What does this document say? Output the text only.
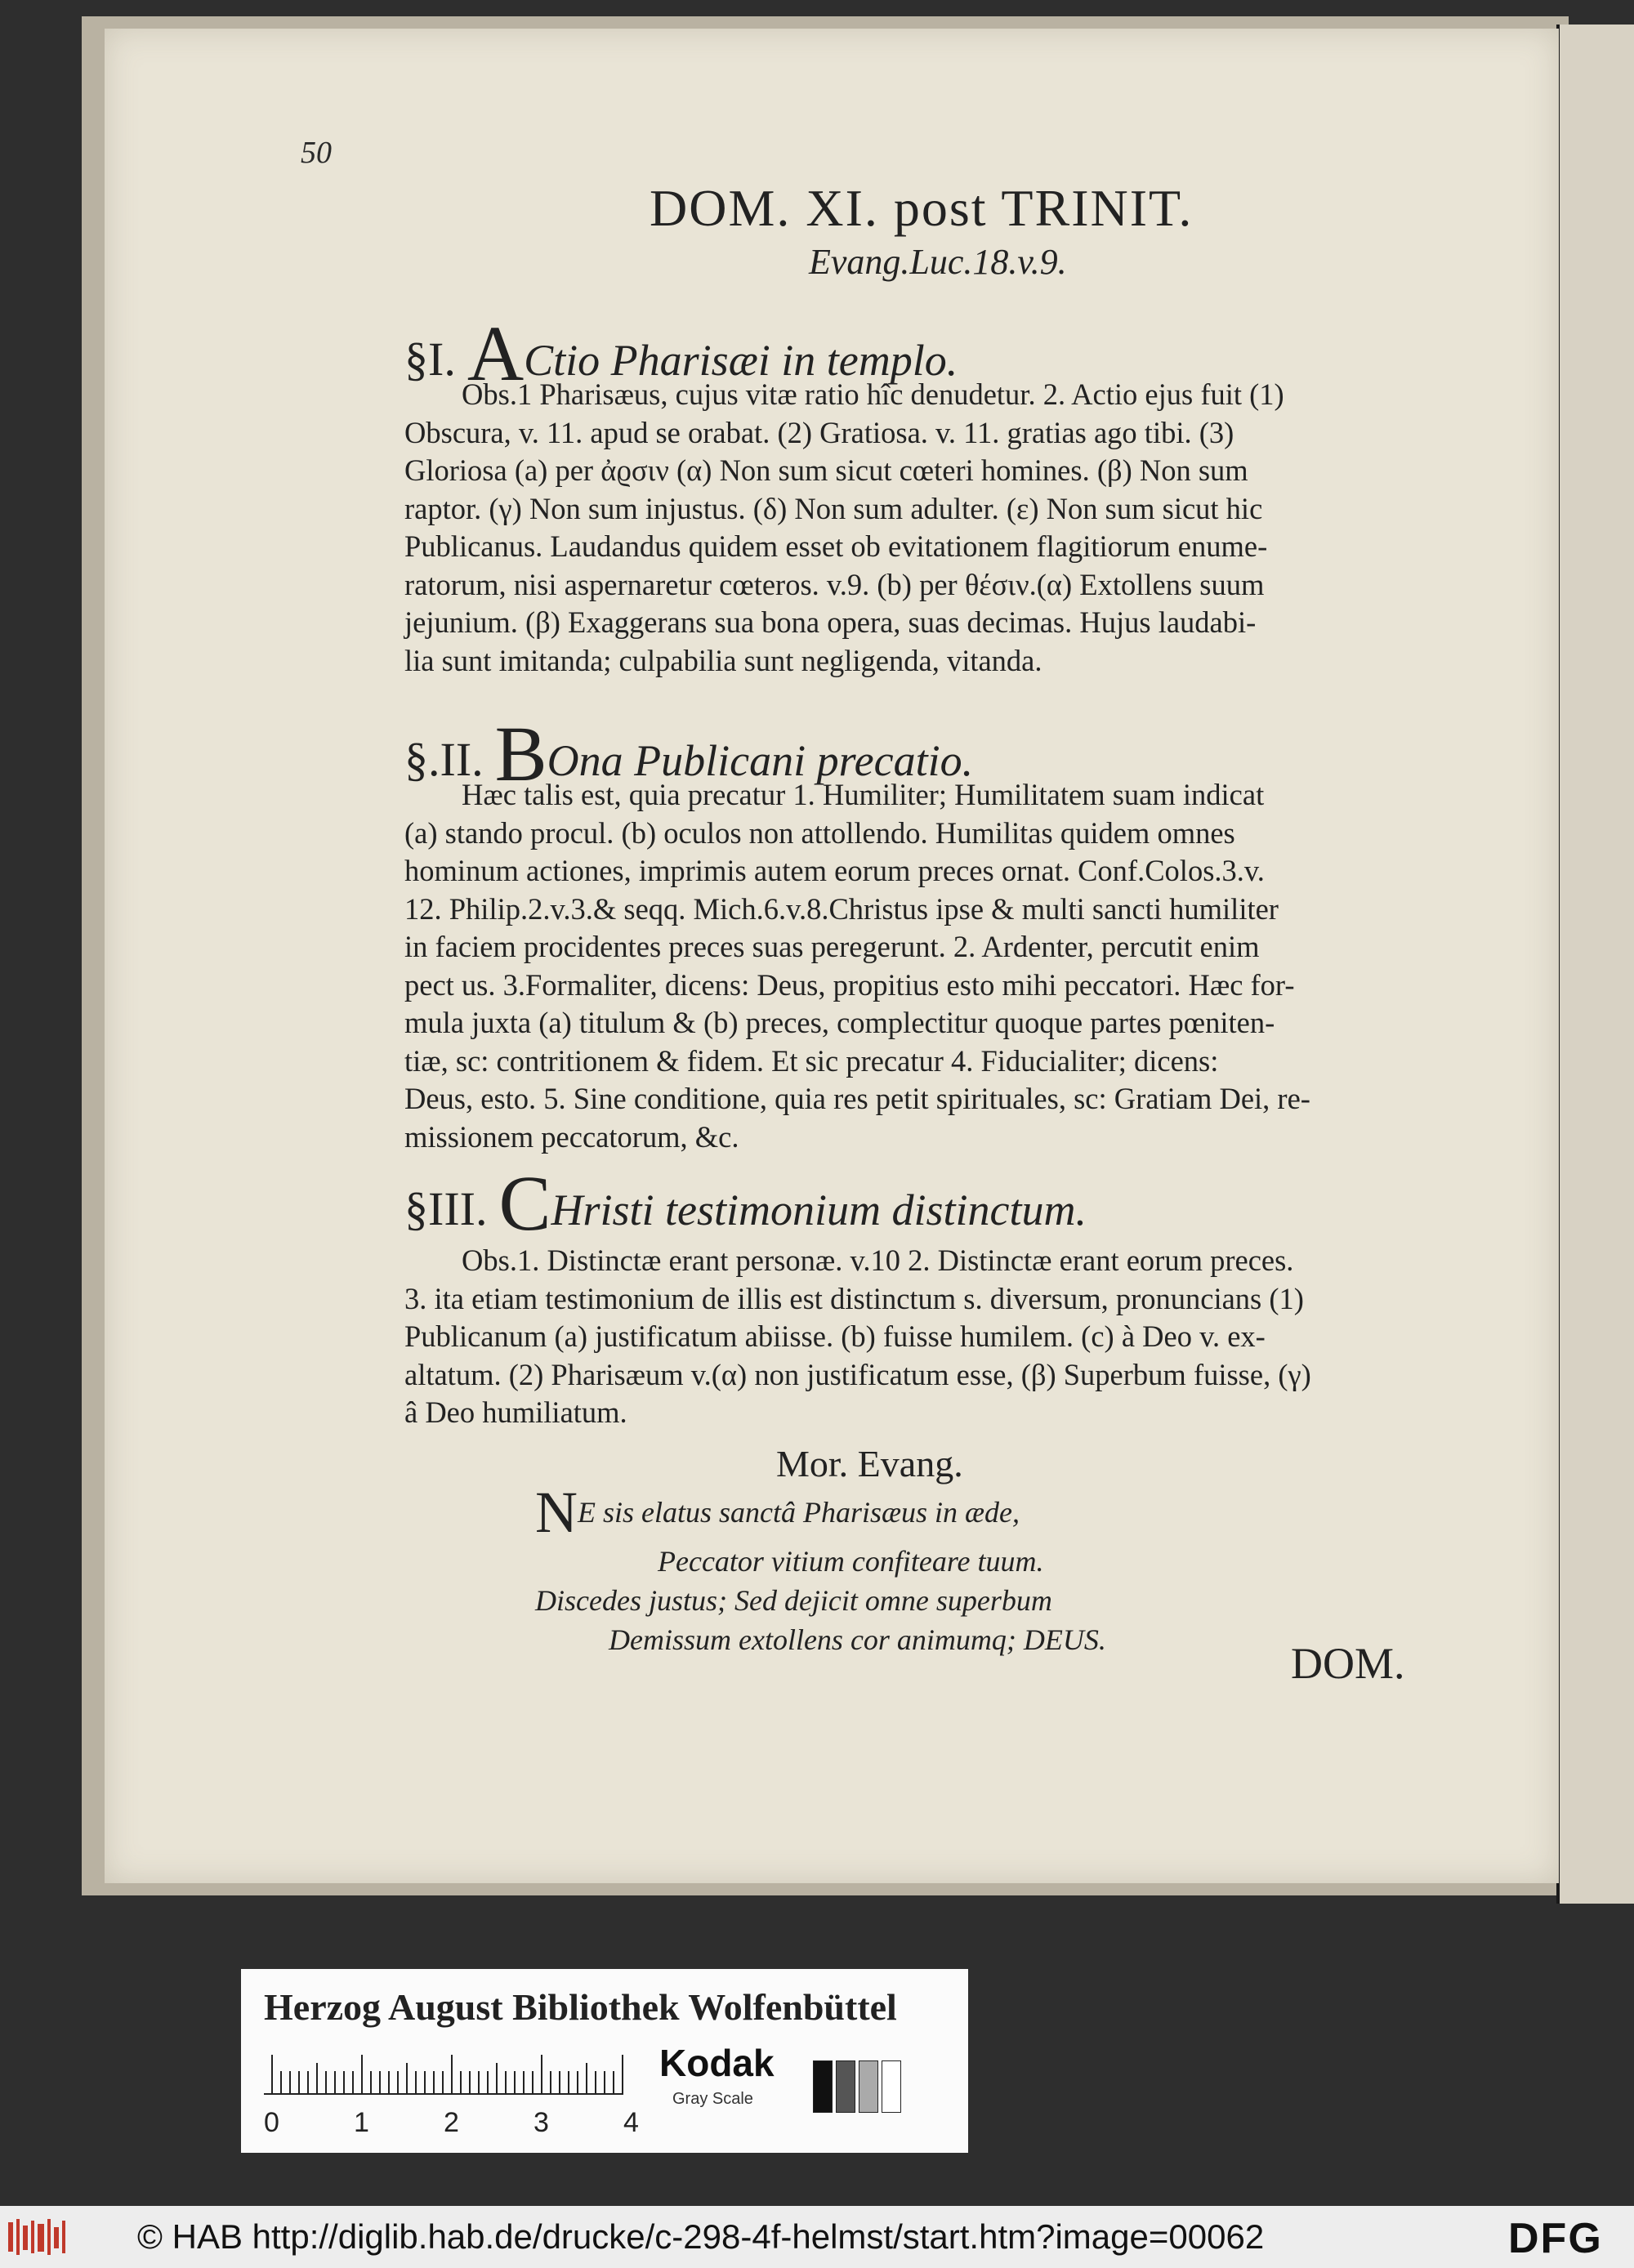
50
DOM. XI. post TRINIT.
Evang.Luc.18.v.9.
§I. ACtio Pharisæi in templo.

Obs.1 Pharisæus, cujus vitæ ratio hîc denudetur. 2. Actio ejus fuit (1)

Obscura, v. 11. apud se orabat. (2) Gratiosa. v. 11. gratias ago tibi. (3)

Gloriosa (a) per ἀϱσιν (α) Non sum sicut cœteri homines. (β) Non sum

raptor. (γ) Non sum injustus. (δ) Non sum adulter. (ε) Non sum sicut hic

Publicanus. Laudandus quidem esset ob evitationem flagitiorum enume-

ratorum, nisi aspernaretur cœteros. v.9. (b) per θέσιν.(α) Extollens suum

jejunium. (β) Exaggerans sua bona opera, suas decimas. Hujus laudabi-

lia sunt imitanda; culpabilia sunt negligenda, vitanda.

§.II. BOna Publicani precatio.

Hæc talis est, quia precatur 1. Humiliter; Humilitatem suam indicat

(a) stando procul. (b) oculos non attollendo. Humilitas quidem omnes

hominum actiones, imprimis autem eorum preces ornat. Conf.Colos.3.v.

12. Philip.2.v.3.& seqq. Mich.6.v.8.Christus ipse & multi sancti humiliter

in faciem procidentes preces suas peregerunt. 2. Ardenter, percutit enim

pect us. 3.Formaliter, dicens: Deus, propitius esto mihi peccatori. Hæc for-

mula juxta (a) titulum & (b) preces, complectitur quoque partes pœniten-

tiæ, sc: contritionem & fidem. Et sic precatur 4. Fiducialiter; dicens:

Deus, esto. 5. Sine conditione, quia res petit spirituales, sc: Gratiam Dei, re-

missionem peccatorum, &c.

§III. CHristi testimonium distinctum.

Obs.1. Distinctæ erant personæ. v.10 2. Distinctæ erant eorum preces.

3. ita etiam testimonium de illis est distinctum s. diversum, pronuncians (1)

Publicanum (a) justificatum abiisse. (b) fuisse humilem. (c) à Deo v. ex-

altatum. (2) Pharisæum v.(α) non justificatum esse, (β) Superbum fuisse, (γ)

â Deo humiliatum.

Mor. Evang.
NE sis elatus sanctâ Pharisæus in æde,
Peccator vitium confiteare tuum.
Discedes justus; Sed dejicit omne superbum
Demissum extollens cor animumq; DEUS.	DOM.
Herzog August Bibliothek Wolfenbüttel
0	1	2	3	4
Kodak
Gray Scale
© HAB http://diglib.hab.de/drucke/c-298-4f-helmst/start.htm?image=00062	DFG
